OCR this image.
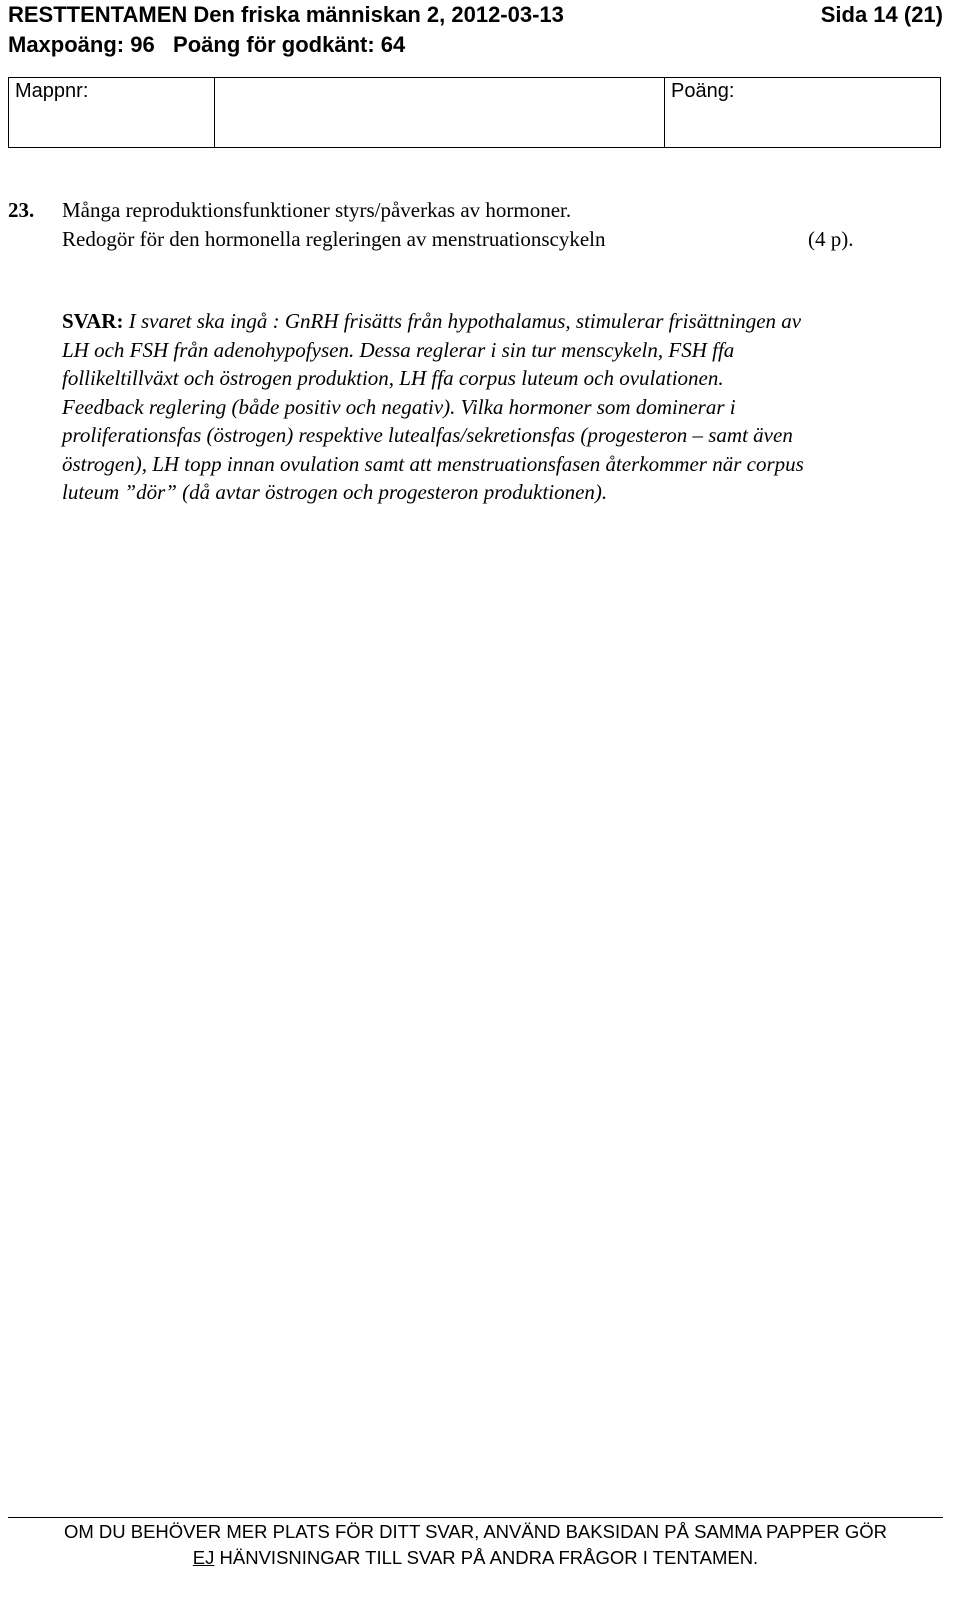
RESTTENTAMEN Den friska människan 2, 2012-03-13	Sida 14 (21)
Maxpoäng: 96   Poäng för godkänt: 64
Mappnr:	Poäng:
23. Många reproduktionsfunktioner styrs/påverkas av hormoner.
Redogör för den hormonella regleringen av menstruationscykeln	(4 p).
SVAR: I svaret ska ingå : GnRH frisätts från hypothalamus, stimulerar frisättningen av
LH och FSH från adenohypofysen. Dessa reglerar i sin tur menscykeln, FSH ffa
follikeltillväxt och östrogen produktion, LH ffa corpus luteum och ovulationen.
Feedback reglering (både positiv och negativ). Vilka hormoner som dominerar i
proliferationsfas (östrogen) respektive lutealfas/sekretionsfas (progesteron – samt även
östrogen), LH topp innan ovulation samt att menstruationsfasen återkommer när corpus
luteum ”dör” (då avtar östrogen och progesteron produktionen).
OM DU BEHÖVER MER PLATS FÖR DITT SVAR, ANVÄND BAKSIDAN PÅ SAMMA PAPPER GÖR
EJ HÄNVISNINGAR TILL SVAR PÅ ANDRA FRÅGOR I TENTAMEN.
